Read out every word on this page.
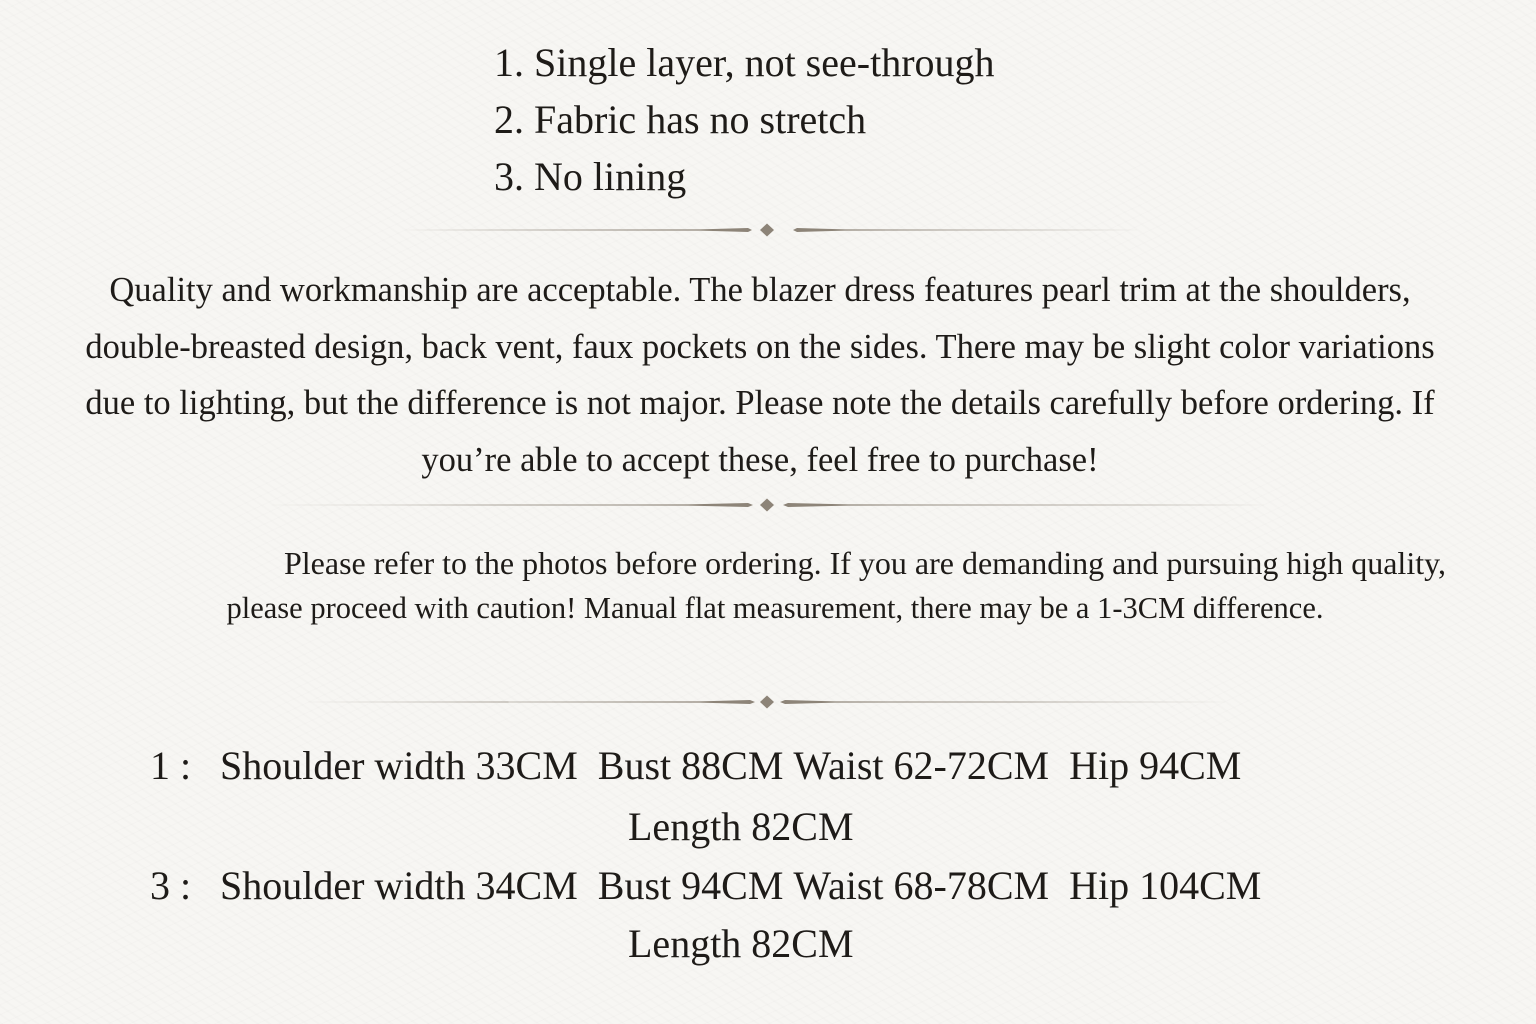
1. Single layer, not see-through
2. Fabric has no stretch
3. No lining

Quality and workmanship are acceptable. The blazer dress features pearl trim at the shoulders, double-breasted design, back vent, faux pockets on the sides. There may be slight color variations due to lighting, but the difference is not major. Please note the details carefully before ordering. If you’re able to accept these, feel free to purchase!

Please refer to the photos before ordering. If you are demanding and pursuing high quality,
please proceed with caution! Manual flat measurement, there may be a 1-3CM difference.

1 : Shoulder width 33CM Bust 88CM Waist 62-72CM Hip 94CM
Length 82CM
3 : Shoulder width 34CM Bust 94CM Waist 68-78CM Hip 104CM
Length 82CM
